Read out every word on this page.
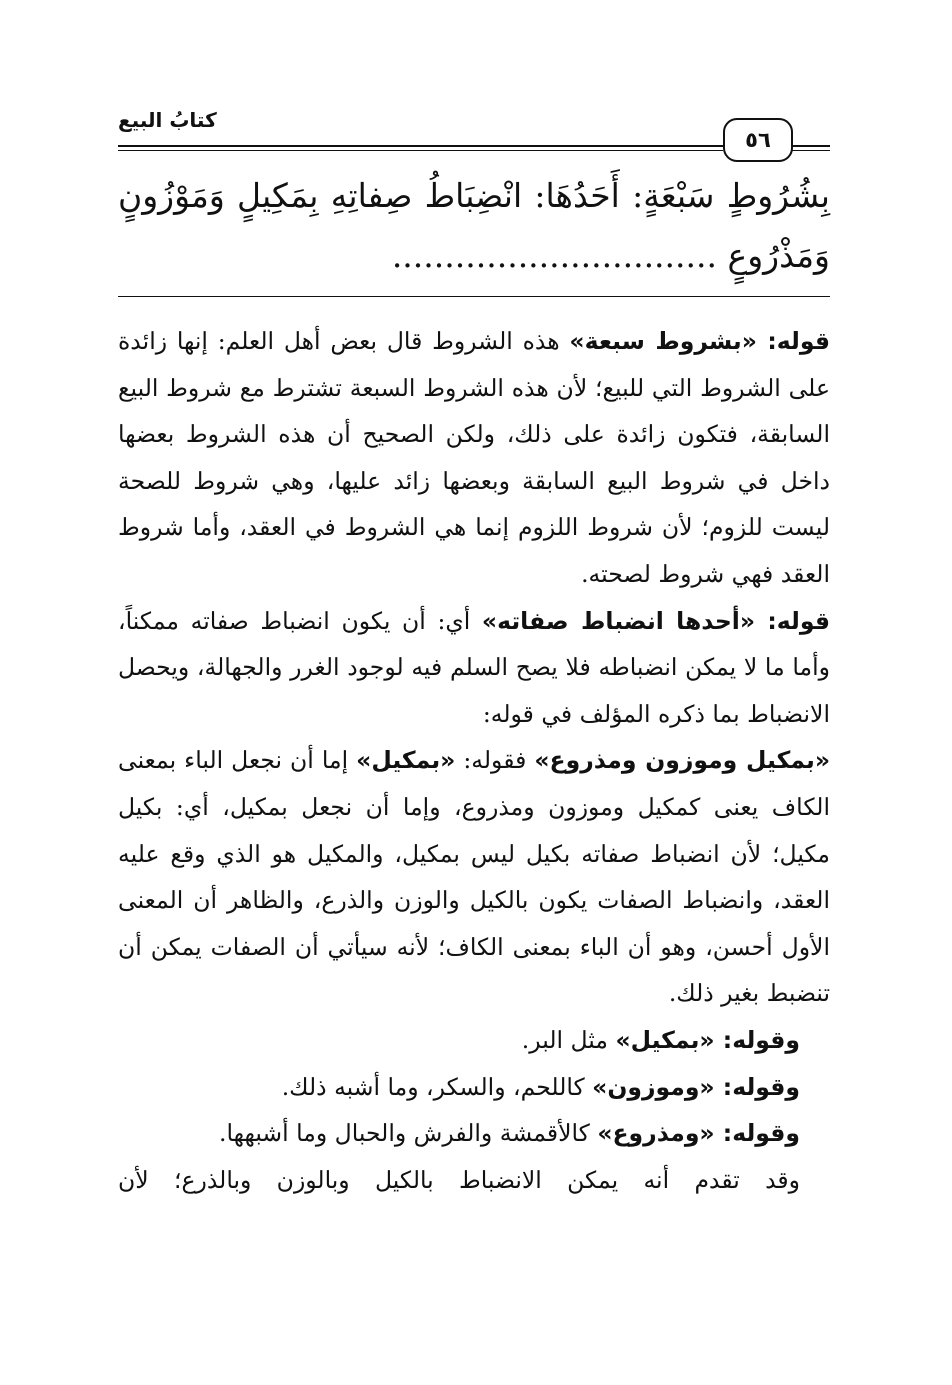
كتابُ البيع
٥٦
بِشُرُوطٍ سَبْعَةٍ: أَحَدُهَا: انْضِبَاطُ صِفاتِهِ بِمَكِيلٍ وَمَوْزُونٍ وَمَذْرُوعٍ ...............................

قوله: «بشروط سبعة» هذه الشروط قال بعض أهل العلم: إنها زائدة على الشروط التي للبيع؛ لأن هذه الشروط السبعة تشترط مع شروط البيع السابقة، فتكون زائدة على ذلك، ولكن الصحيح أن هذه الشروط بعضها داخل في شروط البيع السابقة وبعضها زائد عليها، وهي شروط للصحة ليست للزوم؛ لأن شروط اللزوم إنما هي الشروط في العقد، وأما شروط العقد فهي شروط لصحته.

قوله: «أحدها انضباط صفاته» أي: أن يكون انضباط صفاته ممكناً، وأما ما لا يمكن انضباطه فلا يصح السلم فيه لوجود الغرر والجهالة، ويحصل الانضباط بما ذكره المؤلف في قوله:

«بمكيل وموزون ومذروع» فقوله: «بمكيل» إما أن نجعل الباء بمعنى الكاف يعنى كمكيل وموزون ومذروع، وإما أن نجعل بمكيل، أي: بكيل مكيل؛ لأن انضباط صفاته بكيل ليس بمكيل، والمكيل هو الذي وقع عليه العقد، وانضباط الصفات يكون بالكيل والوزن والذرع، والظاهر أن المعنى الأول أحسن، وهو أن الباء بمعنى الكاف؛ لأنه سيأتي أن الصفات يمكن أن تنضبط بغير ذلك.

وقوله: «بمكيل» مثل البر.

وقوله: «وموزون» كاللحم، والسكر، وما أشبه ذلك.

وقوله: «ومذروع» كالأقمشة والفرش والحبال وما أشبهها.

وقد تقدم أنه يمكن الانضباط بالكيل وبالوزن وبالذرع؛ لأن
